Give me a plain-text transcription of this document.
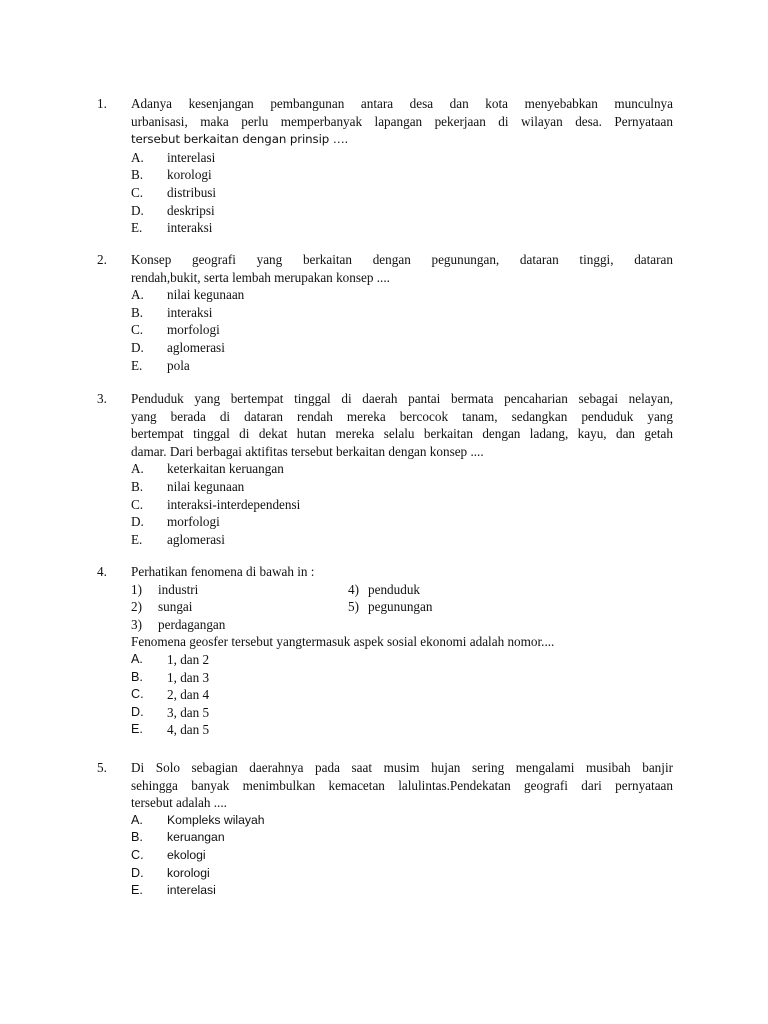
1. Adanya kesenjangan pembangunan antara desa dan kota menyebabkan munculnya
urbanisasi, maka perlu memperbanyak lapangan pekerjaan di wilayan desa. Pernyataan
tersebut berkaitan dengan prinsip ….
A.	interelasi
B.	korologi
C.	distribusi
D.	deskripsi
E.	interaksi
2. Konsep geografi yang berkaitan dengan pegunungan, dataran tinggi, dataran
rendah,bukit, serta lembah merupakan konsep ....
A.	nilai kegunaan
B.	interaksi
C.	morfologi
D.	aglomerasi
E.	pola
3. Penduduk yang bertempat tinggal di daerah pantai bermata pencaharian sebagai nelayan,
yang berada di dataran rendah mereka bercocok tanam, sedangkan penduduk yang
bertempat tinggal di dekat hutan mereka selalu berkaitan dengan ladang, kayu, dan getah
damar. Dari berbagai aktifitas tersebut berkaitan dengan konsep ....
A.	keterkaitan keruangan
B.	nilai kegunaan
C.	interaksi-interdependensi
D.	morfologi
E.	aglomerasi
4. Perhatikan fenomena di bawah in :
1)	industri	4) penduduk
2)	sungai	5) pegunungan
3)	perdagangan
Fenomena geosfer tersebut yangtermasuk aspek sosial ekonomi adalah nomor....
A.	1, dan 2
B.	1, dan 3
C.	2, dan 4
D.	3, dan 5
E.	4, dan 5
5. Di Solo sebagian daerahnya pada saat musim hujan sering mengalami musibah banjir
sehingga banyak menimbulkan kemacetan lalulintas.Pendekatan geografi dari pernyataan
tersebut adalah ....
A.	Kompleks wilayah
B.	keruangan
C.	ekologi
D.	korologi
E.	interelasi
